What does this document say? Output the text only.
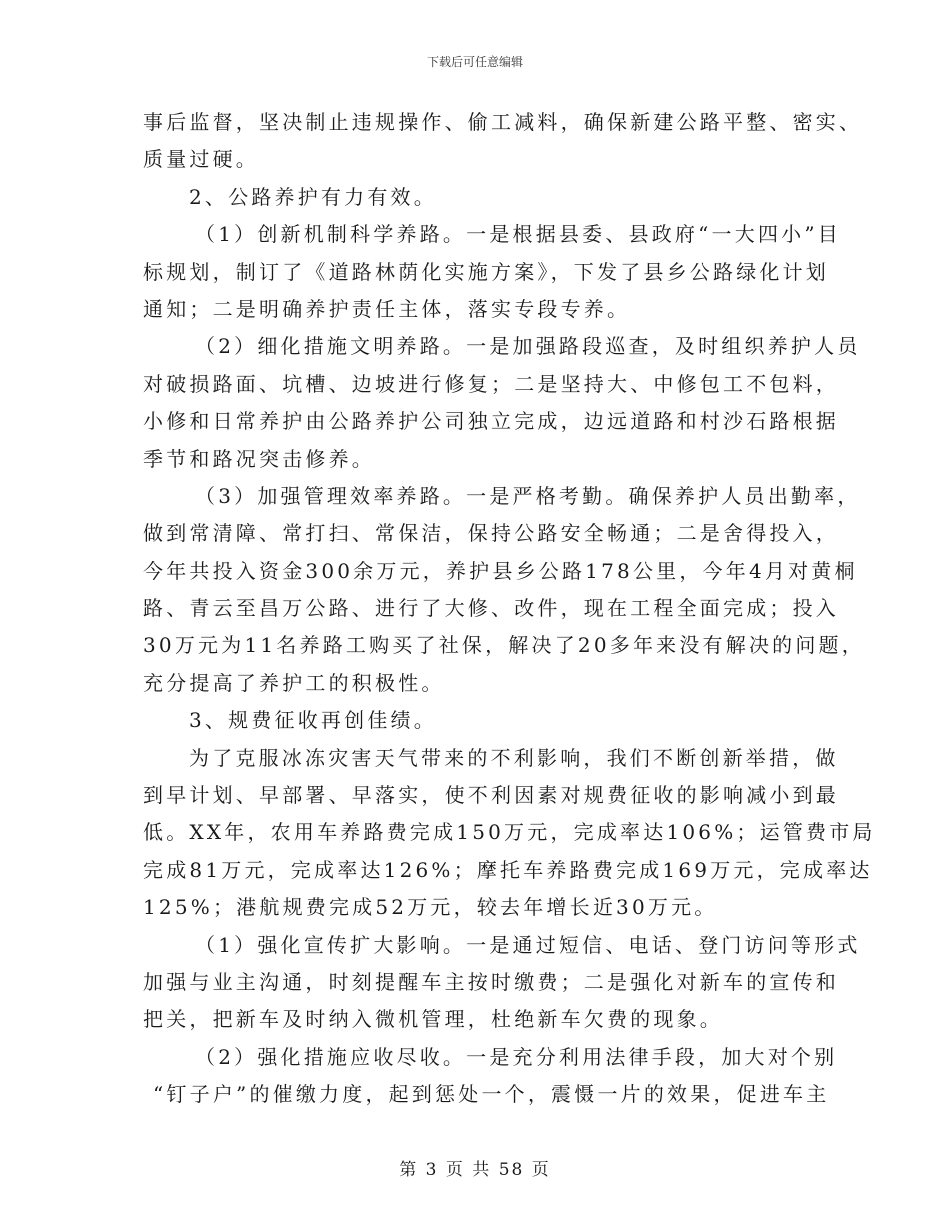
下载后可任意编辑
事后监督，坚决制止违规操作、偷工减料，确保新建公路平整、密实、
质量过硬。
2、公路养护有力有效。
（1）创新机制科学养路。一是根据县委、县政府“一大四小”目
标规划，制订了《道路林荫化实施方案》，下发了县乡公路绿化计划
通知；二是明确养护责任主体，落实专段专养。
（2）细化措施文明养路。一是加强路段巡查，及时组织养护人员
对破损路面、坑槽、边坡进行修复；二是坚持大、中修包工不包料，
小修和日常养护由公路养护公司独立完成，边远道路和村沙石路根据
季节和路况突击修养。
（3）加强管理效率养路。一是严格考勤。确保养护人员出勤率，
做到常清障、常打扫、常保洁，保持公路安全畅通；二是舍得投入，
今年共投入资金300余万元，养护县乡公路178公里，今年4月对黄桐
路、青云至昌万公路、进行了大修、改件，现在工程全面完成；投入
30万元为11名养路工购买了社保，解决了20多年来没有解决的问题，
充分提高了养护工的积极性。
3、规费征收再创佳绩。
为了克服冰冻灾害天气带来的不利影响，我们不断创新举措，做
到早计划、早部署、早落实，使不利因素对规费征收的影响减小到最
低。XX年，农用车养路费完成150万元，完成率达106%；运管费市局
完成81万元，完成率达126%；摩托车养路费完成169万元，完成率达
125%；港航规费完成52万元，较去年增长近30万元。
（1）强化宣传扩大影响。一是通过短信、电话、登门访问等形式
加强与业主沟通，时刻提醒车主按时缴费；二是强化对新车的宣传和
把关，把新车及时纳入微机管理，杜绝新车欠费的现象。
（2）强化措施应收尽收。一是充分利用法律手段，加大对个别
“钉子户”的催缴力度，起到惩处一个，震慑一片的效果，促进车主
第 3 页 共 58 页
